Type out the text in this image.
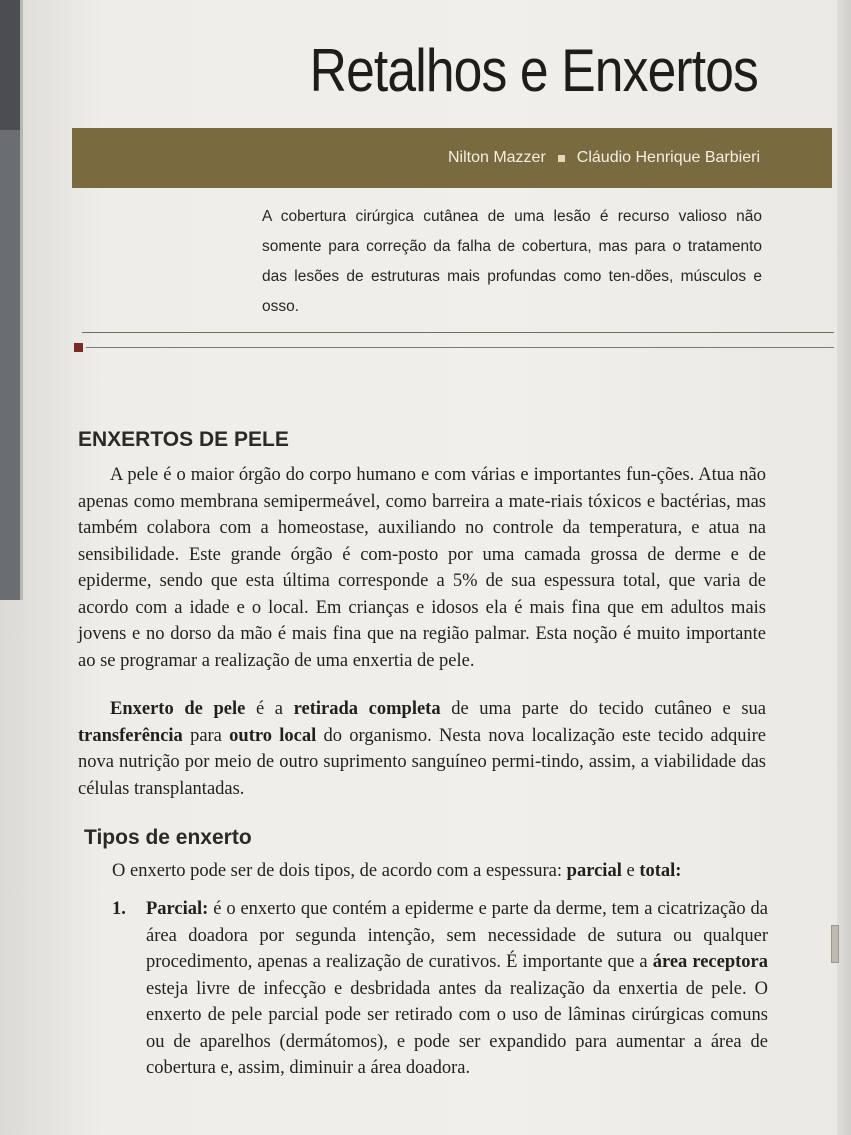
Retalhos e Enxertos
Nilton Mazzer Cláudio Henrique Barbieri
A cobertura cirúrgica cutânea de uma lesão é recurso valioso não somente para correção da falha de cobertura, mas para o tratamento das lesões de estruturas mais profundas como ten-dões, músculos e osso.
ENXERTOS DE PELE
A pele é o maior órgão do corpo humano e com várias e importantes fun-ções. Atua não apenas como membrana semipermeável, como barreira a mate-riais tóxicos e bactérias, mas também colabora com a homeostase, auxiliando no controle da temperatura, e atua na sensibilidade. Este grande órgão é com-posto por uma camada grossa de derme e de epiderme, sendo que esta última corresponde a 5% de sua espessura total, que varia de acordo com a idade e o local. Em crianças e idosos ela é mais fina que em adultos mais jovens e no dorso da mão é mais fina que na região palmar. Esta noção é muito importante ao se programar a realização de uma enxertia de pele.
Enxerto de pele é a retirada completa de uma parte do tecido cutâneo e sua transferência para outro local do organismo. Nesta nova localização este tecido adquire nova nutrição por meio de outro suprimento sanguíneo permi-tindo, assim, a viabilidade das células transplantadas.
Tipos de enxerto
O enxerto pode ser de dois tipos, de acordo com a espessura: parcial e total:
1.	Parcial: é o enxerto que contém a epiderme e parte da derme, tem a cicatrização da área doadora por segunda intenção, sem necessidade de sutura ou qualquer procedimento, apenas a realização de curativos. É importante que a área receptora esteja livre de infecção e desbridada antes da realização da enxertia de pele. O enxerto de pele parcial pode ser retirado com o uso de lâminas cirúrgicas comuns ou de aparelhos (dermátomos), e pode ser expandido para aumentar a área de cobertura e, assim, diminuir a área doadora.
